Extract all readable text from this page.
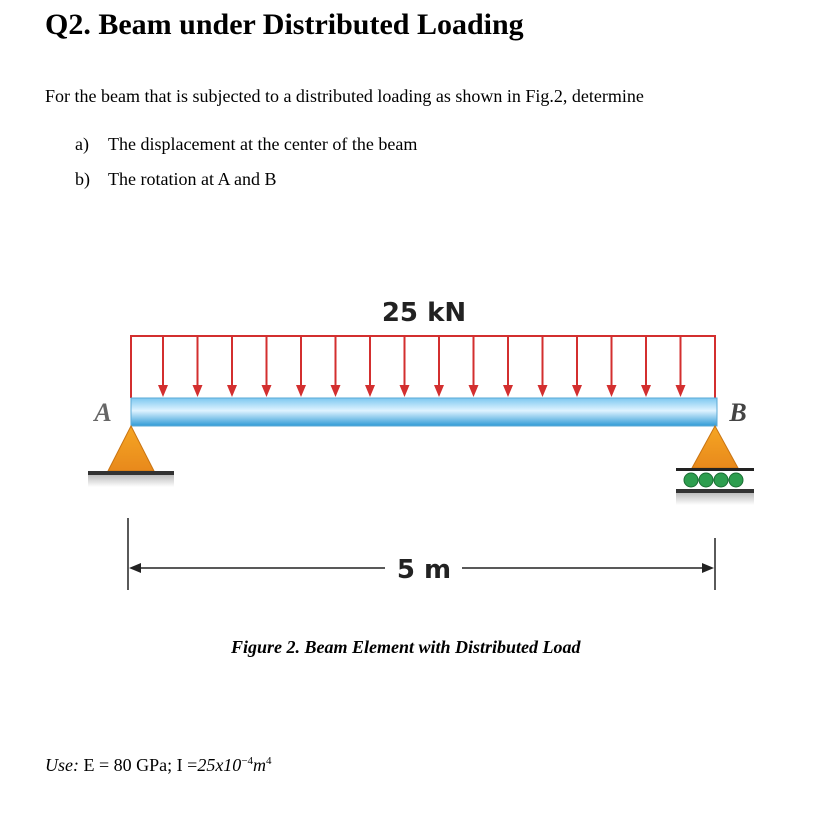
Q2. Beam under Distributed Loading
For the beam that is subjected to a distributed loading as shown in Fig.2, determine
a) The displacement at the center of the beam
b) The rotation at A and B
25 kN
A	B
5 m
Figure 2. Beam Element with Distributed Load
Use: E = 80 GPa; $I =25x10^{-4}m^4$
